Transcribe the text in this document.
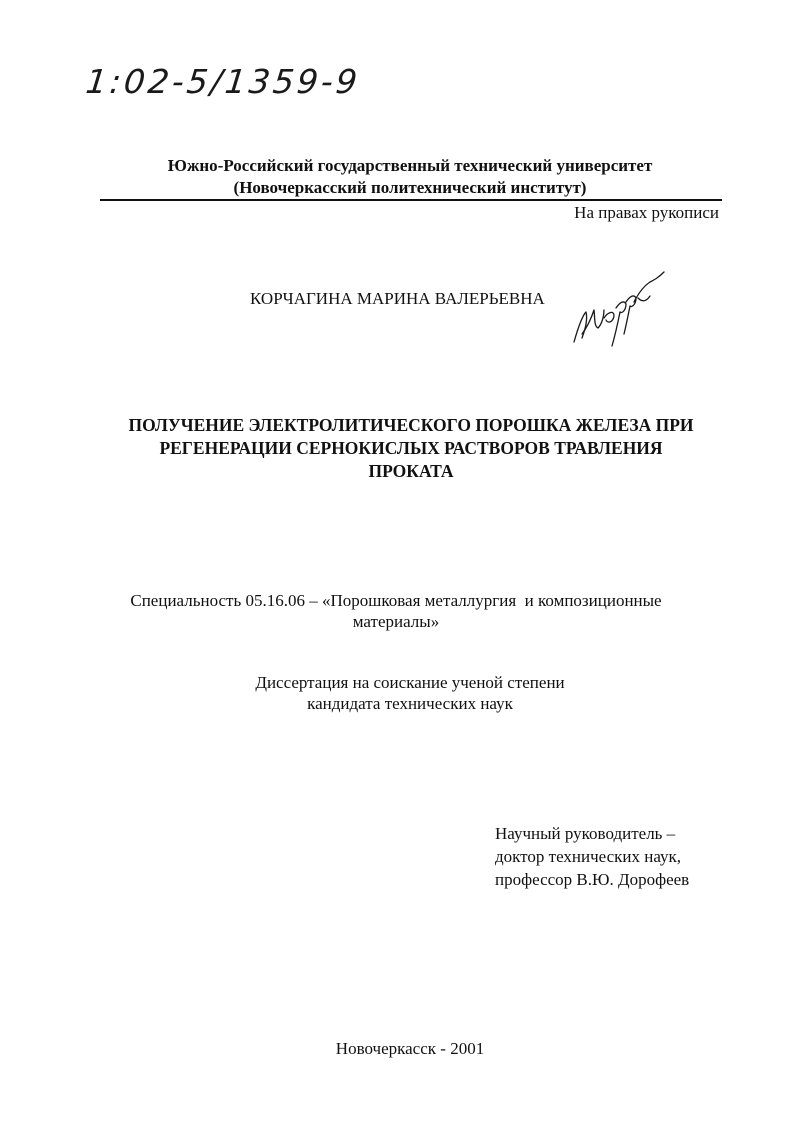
1:02-5/1359-9
Южно-Российский государственный технический университет
(Новочеркасский политехнический институт)
На правах рукописи
КОРЧАГИНА МАРИНА ВАЛЕРЬЕВНА
ПОЛУЧЕНИЕ ЭЛЕКТРОЛИТИЧЕСКОГО ПОРОШКА ЖЕЛЕЗА ПРИ
РЕГЕНЕРАЦИИ СЕРНОКИСЛЫХ РАСТВОРОВ ТРАВЛЕНИЯ
ПРОКАТА
Специальность 05.16.06 – «Порошковая металлургия  и композиционные
материалы»
Диссертация на соискание ученой степени
кандидата технических наук
Научный руководитель –
доктор технических наук,
профессор В.Ю. Дорофеев
Новочеркасск - 2001
